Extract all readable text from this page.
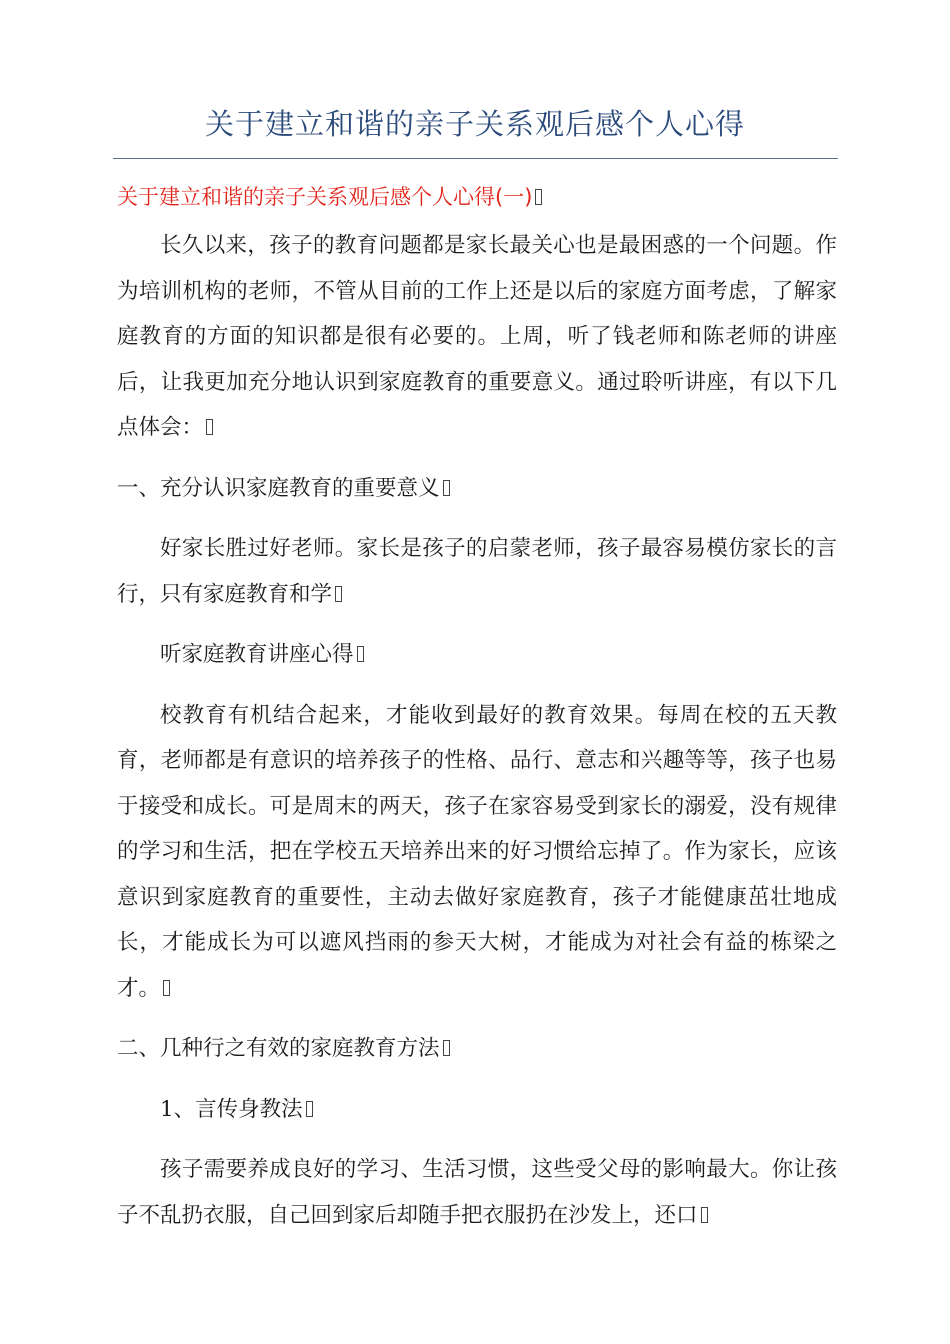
关于建立和谐的亲子关系观后感个人心得

关于建立和谐的亲子关系观后感个人心得(一)

长久以来，孩子的教育问题都是家长最关心也是最困惑的一个问题。作为培训机构的老师，不管从目前的工作上还是以后的家庭方面考虑，了解家庭教育的方面的知识都是很有必要的。上周，听了钱老师和陈老师的讲座后，让我更加充分地认识到家庭教育的重要意义。通过聆听讲座，有以下几点体会：

一、充分认识家庭教育的重要意义

好家长胜过好老师。家长是孩子的启蒙老师，孩子最容易模仿家长的言行，只有家庭教育和学

听家庭教育讲座心得

校教育有机结合起来，才能收到最好的教育效果。每周在校的五天教育，老师都是有意识的培养孩子的性格、品行、意志和兴趣等等，孩子也易于接受和成长。可是周末的两天，孩子在家容易受到家长的溺爱，没有规律的学习和生活，把在学校五天培养出来的好习惯给忘掉了。作为家长，应该意识到家庭教育的重要性，主动去做好家庭教育，孩子才能健康茁壮地成长，才能成长为可以遮风挡雨的参天大树，才能成为对社会有益的栋梁之才。

二、几种行之有效的家庭教育方法

1、言传身教法

孩子需要养成良好的学习、生活习惯，这些受父母的影响最大。你让孩子不乱扔衣服，自己回到家后却随手把衣服扔在沙发上，还口
